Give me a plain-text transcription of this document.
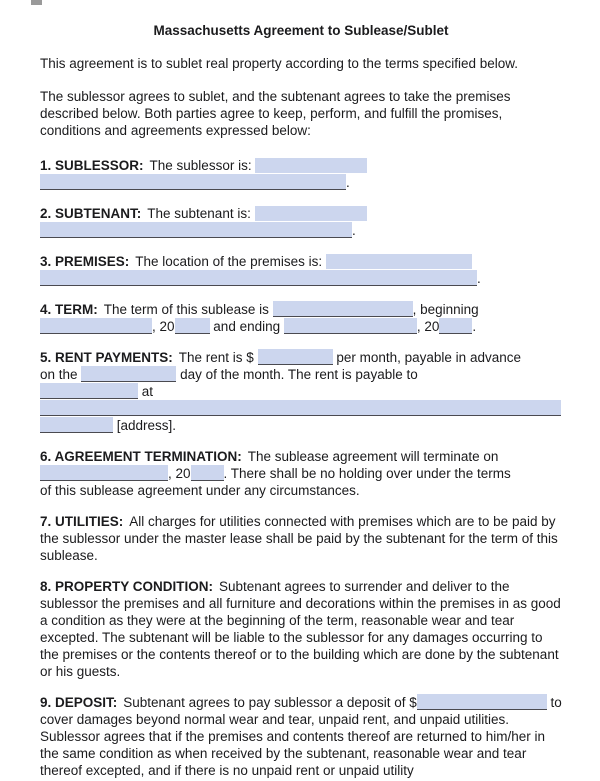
Massachusetts Agreement to Sublease/Sublet

This agreement is to sublet real property according to the terms specified below.

The sublessor agrees to sublet, and the subtenant agrees to take the premises described below. Both parties agree to keep, perform, and fulfill the promises, conditions and agreements expressed below:

1. SUBLESSOR: The sublessor is:
.

2. SUBTENANT: The subtenant is:
.

3. PREMISES: The location of the premises is:
.

4. TERM: The term of this sublease is	, beginning
, 20	and ending	, 20 .

5. RENT PAYMENTS: The rent is $	per month, payable in advance
on the	day of the month. The rent is payable to
at

[address].

6. AGREEMENT TERMINATION: The sublease agreement will terminate on
, 20 . There shall be no holding over under the terms
of this sublease agreement under any circumstances.

7. UTILITIES: All charges for utilities connected with premises which are to be paid by the sublessor under the master lease shall be paid by the subtenant for the term of this sublease.

8. PROPERTY CONDITION: Subtenant agrees to surrender and deliver to the sublessor the premises and all furniture and decorations within the premises in as good a condition as they were at the beginning of the term, reasonable wear and tear excepted. The subtenant will be liable to the sublessor for any damages occurring to the premises or the contents thereof or to the building which are done by the subtenant or his guests.

9. DEPOSIT: Subtenant agrees to pay sublessor a deposit of $	to cover damages beyond normal wear and tear, unpaid rent, and unpaid utilities. Sublessor agrees that if the premises and contents thereof are returned to him/her in the same condition as when received by the subtenant, reasonable wear and tear thereof excepted, and if there is no unpaid rent or unpaid utility
